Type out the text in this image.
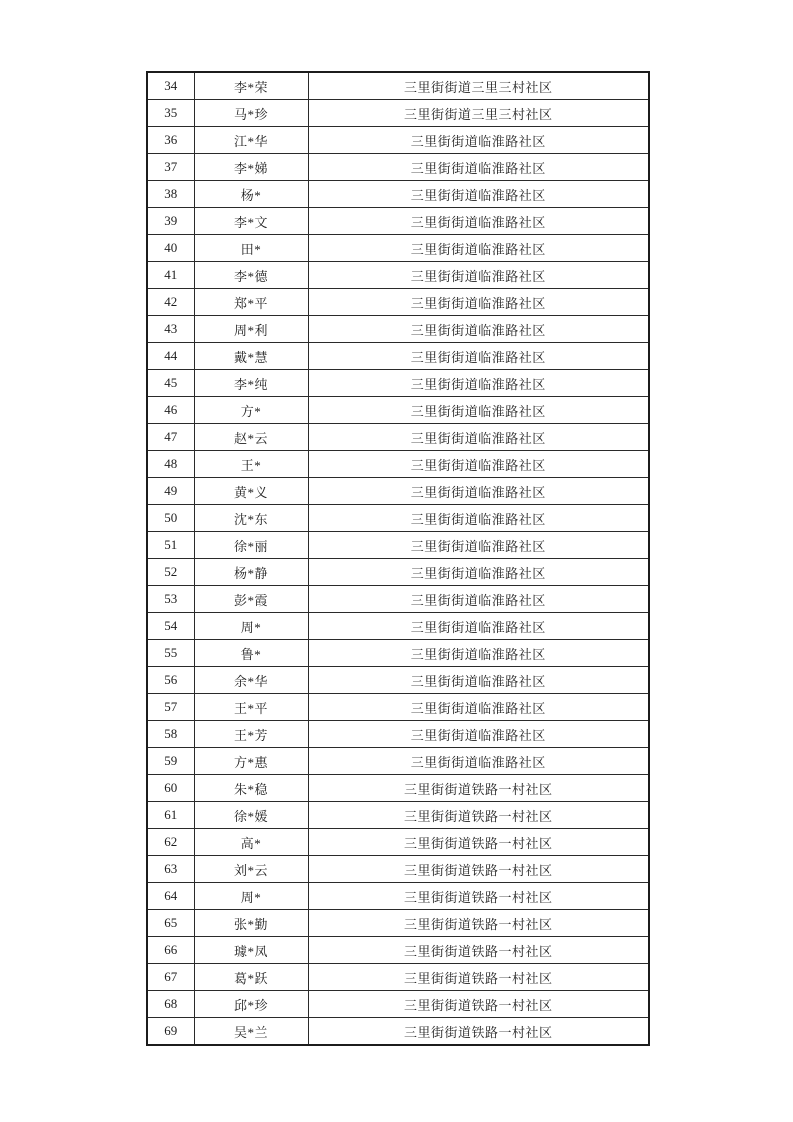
34	李*荣	三里街街道三里三村社区
35	马*珍	三里街街道三里三村社区
36	江*华	三里街街道临淮路社区
37	李*娣	三里街街道临淮路社区
38	杨*	三里街街道临淮路社区
39	李*文	三里街街道临淮路社区
40	田*	三里街街道临淮路社区
41	李*德	三里街街道临淮路社区
42	郑*平	三里街街道临淮路社区
43	周*利	三里街街道临淮路社区
44	戴*慧	三里街街道临淮路社区
45	李*纯	三里街街道临淮路社区
46	方*	三里街街道临淮路社区
47	赵*云	三里街街道临淮路社区
48	王*	三里街街道临淮路社区
49	黄*义	三里街街道临淮路社区
50	沈*东	三里街街道临淮路社区
51	徐*丽	三里街街道临淮路社区
52	杨*静	三里街街道临淮路社区
53	彭*霞	三里街街道临淮路社区
54	周*	三里街街道临淮路社区
55	鲁*	三里街街道临淮路社区
56	余*华	三里街街道临淮路社区
57	王*平	三里街街道临淮路社区
58	王*芳	三里街街道临淮路社区
59	方*惠	三里街街道临淮路社区
60	朱*稳	三里街街道铁路一村社区
61	徐*媛	三里街街道铁路一村社区
62	高*	三里街街道铁路一村社区
63	刘*云	三里街街道铁路一村社区
64	周*	三里街街道铁路一村社区
65	张*勤	三里街街道铁路一村社区
66	璩*凤	三里街街道铁路一村社区
67	葛*跃	三里街街道铁路一村社区
68	邱*珍	三里街街道铁路一村社区
69	吴*兰	三里街街道铁路一村社区
